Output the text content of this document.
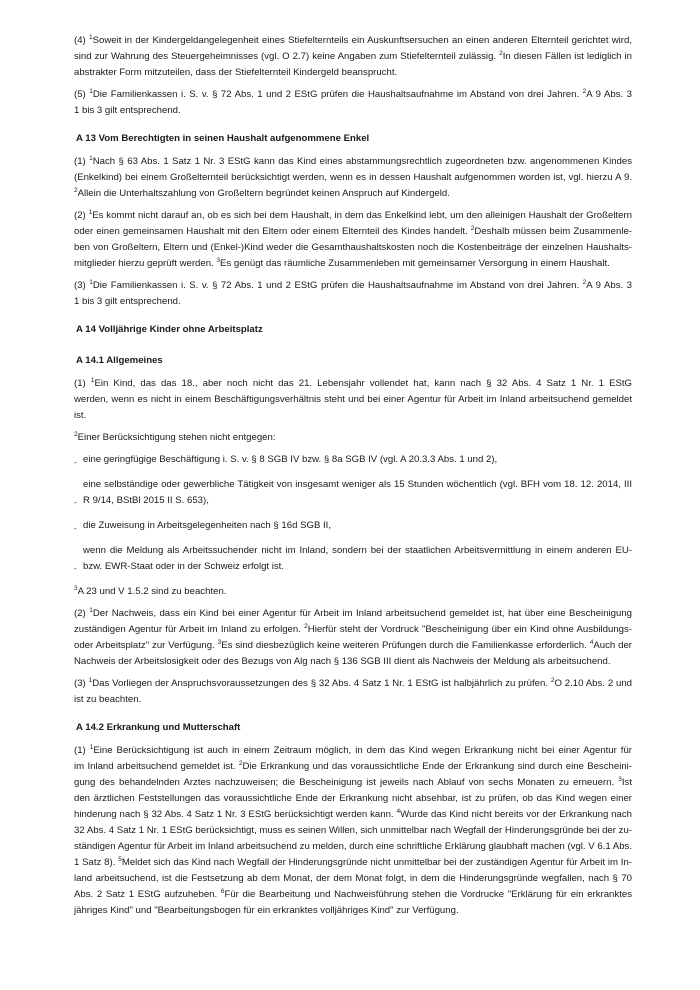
(4) $^1$Soweit in der Kindergeldangelegenheit eines Stiefelternteils ein Auskunftsersuchen an einen anderen Elternteil gerichtet wird,
sind zur Wahrung des Steuergeheimnisses (vgl. O 2.7) keine Angaben zum Stiefelternteil zulässig. $^2$In diesen Fällen ist lediglich in
abstrakter Form mitzuteilen, dass der Stiefelternteil Kindergeld beansprucht.
(5) $^1$Die Familienkassen i. S. v. § 72 Abs. 1 und 2 EStG prüfen die Haushaltsaufnahme im Abstand von drei Jahren. $^2$A 9 Abs. 3
1 bis 3 gilt entsprechend.
A 13 Vom Berechtigten in seinen Haushalt aufgenommene Enkel
(1) $^1$Nach § 63 Abs. 1 Satz 1 Nr. 3 EStG kann das Kind eines abstammungsrechtlich zugeordneten bzw. angenommenen Kindes
(Enkelkind) bei einem Großelternteil berücksichtigt werden, wenn es in dessen Haushalt aufgenommen worden ist, vgl. hierzu A 9.
$^2$Allein die Unterhaltszahlung von Großeltern begründet keinen Anspruch auf Kindergeld.
(2) $^1$Es kommt nicht darauf an, ob es sich bei dem Haushalt, in dem das Enkelkind lebt, um den alleinigen Haushalt der Großeltern
oder einen gemeinsamen Haushalt mit den Eltern oder einem Elternteil des Kindes handelt. $^2$Deshalb müssen beim Zusammenle-
ben von Großeltern, Eltern und (Enkel-)Kind weder die Gesamthaushaltskosten noch die Kostenbeiträge der einzelnen Haushalts-
mitglieder hierzu geprüft werden. $^3$Es genügt das räumliche Zusammenleben mit gemeinsamer Versorgung in einem Haushalt.
(3) $^1$Die Familienkassen i. S. v. § 72 Abs. 1 und 2 EStG prüfen die Haushaltsaufnahme im Abstand von drei Jahren. $^2$A 9 Abs. 3
1 bis 3 gilt entsprechend.
A 14 Volljährige Kinder ohne Arbeitsplatz
A 14.1 Allgemeines
(1) $^1$Ein Kind, das das 18., aber noch nicht das 21. Lebensjahr vollendet hat, kann nach § 32 Abs. 4 Satz 1 Nr. 1 EStG
werden, wenn es nicht in einem Beschäftigungsverhältnis steht und bei einer Agentur für Arbeit im Inland arbeitsuchend gemeldet
ist.
$^2$Einer Berücksichtigung stehen nicht entgegen:
- eine geringfügige Beschäftigung i. S. v. § 8 SGB IV bzw. § 8a SGB IV (vgl. A 20.3.3 Abs. 1 und 2),
-
eine selbständige oder gewerbliche Tätigkeit von insgesamt weniger als 15 Stunden wöchentlich (vgl. BFH vom 18. 12. 2014, III
R 9/14, BStBl 2015 II S. 653),
- die Zuweisung in Arbeitsgelegenheiten nach § 16d SGB II,
-
wenn die Meldung als Arbeitssuchender nicht im Inland, sondern bei der staatlichen Arbeitsvermittlung in einem anderen EU-
bzw. EWR-Staat oder in der Schweiz erfolgt ist.
$^3$A 23 und V 1.5.2 sind zu beachten.
(2) $^1$Der Nachweis, dass ein Kind bei einer Agentur für Arbeit im Inland arbeitsuchend gemeldet ist, hat über eine Bescheinigung
zuständigen Agentur für Arbeit im Inland zu erfolgen. $^2$Hierfür steht der Vordruck "Bescheinigung über ein Kind ohne Ausbildungs-
oder Arbeitsplatz" zur Verfügung. $^3$Es sind diesbezüglich keine weiteren Prüfungen durch die Familienkasse erforderlich. $^4$Auch der
Nachweis der Arbeitslosigkeit oder des Bezugs von Alg nach § 136 SGB III dient als Nachweis der Meldung als arbeitsuchend.
(3) $^1$Das Vorliegen der Anspruchsvoraussetzungen des § 32 Abs. 4 Satz 1 Nr. 1 EStG ist halbjährlich zu prüfen. $^2$O 2.10 Abs. 2 und
ist zu beachten.
A 14.2 Erkrankung und Mutterschaft
(1) $^1$Eine Berücksichtigung ist auch in einem Zeitraum möglich, in dem das Kind wegen Erkrankung nicht bei einer Agentur für
im Inland arbeitsuchend gemeldet ist. $^2$Die Erkrankung und das voraussichtliche Ende der Erkrankung sind durch eine Bescheini-
gung des behandelnden Arztes nachzuweisen; die Bescheinigung ist jeweils nach Ablauf von sechs Monaten zu erneuern. $^3$Ist
den ärztlichen Feststellungen das voraussichtliche Ende der Erkrankung nicht absehbar, ist zu prüfen, ob das Kind wegen einer
hinderung nach § 32 Abs. 4 Satz 1 Nr. 3 EStG berücksichtigt werden kann. $^4$Wurde das Kind nicht bereits vor der Erkrankung nach
32 Abs. 4 Satz 1 Nr. 1 EStG berücksichtigt, muss es seinen Willen, sich unmittelbar nach Wegfall der Hinderungsgründe bei der zu-
ständigen Agentur für Arbeit im Inland arbeitsuchend zu melden, durch eine schriftliche Erklärung glaubhaft machen (vgl. V 6.1 Abs.
1 Satz 8). $^5$Meldet sich das Kind nach Wegfall der Hinderungsgründe nicht unmittelbar bei der zuständigen Agentur für Arbeit im In-
land arbeitsuchend, ist die Festsetzung ab dem Monat, der dem Monat folgt, in dem die Hinderungsgründe wegfallen, nach § 70
Abs. 2 Satz 1 EStG aufzuheben. $^6$Für die Bearbeitung und Nachweisführung stehen die Vordrucke "Erklärung für ein erkranktes
jähriges Kind" und "Bearbeitungsbogen für ein erkranktes volljähriges Kind" zur Verfügung.
